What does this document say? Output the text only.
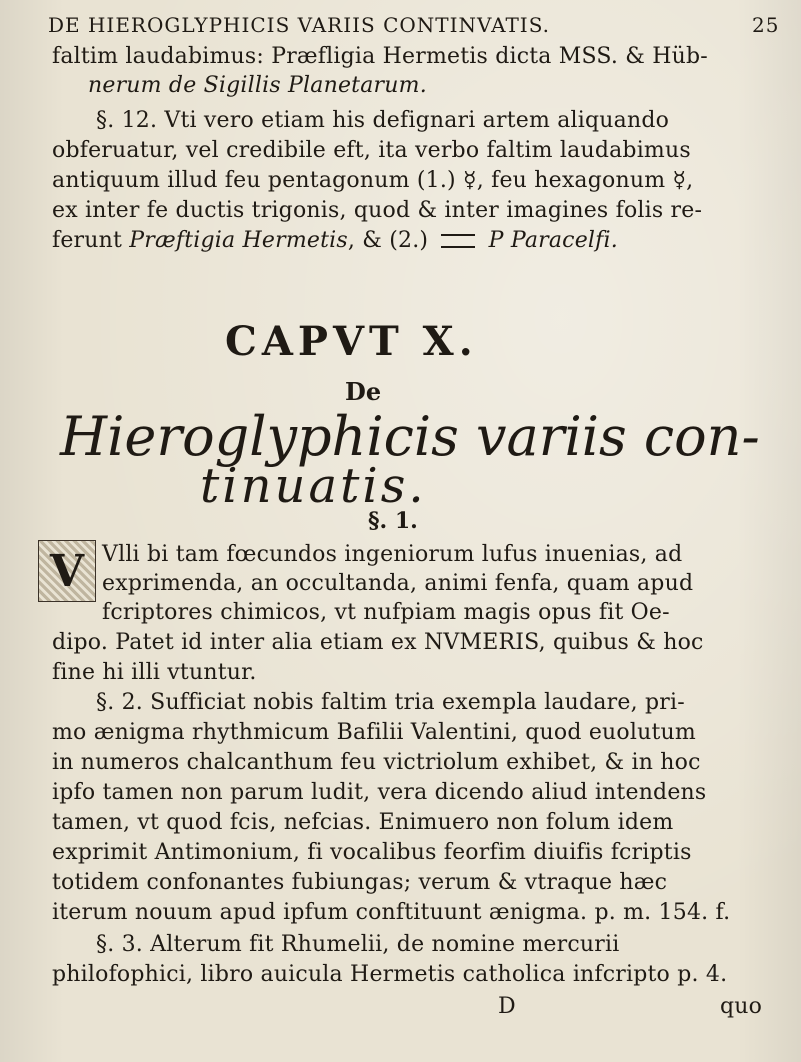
DE HIEROGLYPHICIS VARIIS CONTINVATIS.	25
faltim laudabimus: Præfligia Hermetis dicta MSS. & Hüb-
nerum de Sigillis Planetarum.
§. 12. Vti vero etiam his defignari artem aliquando
obferuatur, vel credibile eft, ita verbo faltim laudabimus
antiquum illud feu pentagonum (1.) ☿, feu hexagonum ☿,
ex inter fe ductis trigonis, quod & inter imagines folis re-
ferunt Præftigia Hermetis, & (2.)	P Paracelfi.
CAPVT X.
De
Hieroglyphicis variis con-
tinuatis.
§. 1.
V Vlli bi tam fœcundos ingeniorum lufus inuenias, ad
exprimenda, an occultanda, animi fenfa, quam apud
fcriptores chimicos, vt nufpiam magis opus fit Oe-
dipo. Patet id inter alia etiam ex NVMERIS, quibus & hoc
fine hi illi vtuntur.
§. 2. Sufficiat nobis faltim tria exempla laudare, pri-
mo ænigma rhythmicum Bafilii Valentini, quod euolutum
in numeros chalcanthum feu victriolum exhibet, & in hoc
ipfo tamen non parum ludit, vera dicendo aliud intendens
tamen, vt quod fcis, nefcias. Enimuero non folum idem
exprimit Antimonium, fi vocalibus feorfim diuifis fcriptis
totidem confonantes fubiungas; verum & vtraque hæc
iterum nouum apud ipfum conftituunt ænigma. p. m. 154. f.
§. 3. Alterum fit Rhumelii, de nomine mercurii
philofophici, libro auicula Hermetis catholica infcripto p. 4.
D	quo
